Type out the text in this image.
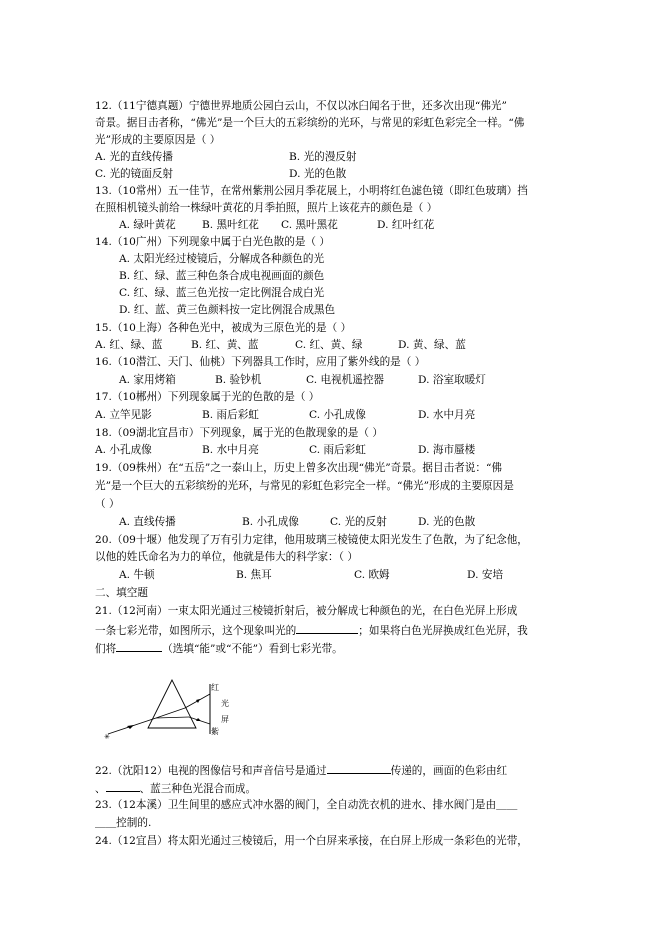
12.（11宁德真题）宁德世界地质公园白云山，不仅以冰臼闻名于世，还多次出现“佛光”
奇景。据目击者称，“佛光”是一个巨大的五彩缤纷的光环，与常见的彩虹色彩完全一样。“佛
光”形成的主要原因是（ ）
A. 光的直线传播	B. 光的漫反射
C. 光的镜面反射	D. 光的色散
13.（10常州）五一佳节，在常州紫荆公园月季花展上，小明将红色滤色镜（即红色玻璃）挡
在照相机镜头前给一株绿叶黄花的月季拍照，照片上该花卉的颜色是（ ）
A. 绿叶黄花 B. 黑叶红花 C. 黑叶黑花	D. 红叶红花
14.（10广州）下列现象中属于白光色散的是（ ）
A. 太阳光经过棱镜后，分解成各种颜色的光
B. 红、绿、蓝三种色条合成电视画面的颜色
C. 红、绿、蓝三色光按一定比例混合成白光
D. 红、蓝、黄三色颜料按一定比例混合成黑色
15.（10上海）各种色光中，被成为三原色光的是（ ）
A. 红、绿、蓝	B. 红、黄、蓝	C. 红、黄、绿	D. 黄、绿、蓝
16.（10潜江、天门、仙桃）下列器具工作时，应用了紫外线的是（ ）
A. 家用烤箱	B. 验钞机	C. 电视机遥控器	D. 浴室取暖灯
17.（10郴州）下列现象属于光的色散的是（ ）
A. 立竿见影	B. 雨后彩虹	C. 小孔成像	D. 水中月亮
18.（09湖北宜昌市）下列现象，属于光的色散现象的是（ ）
A. 小孔成像	B. 水中月亮	C. 雨后彩虹	D. 海市蜃楼
19.（09株州）在“五岳”之一泰山上，历史上曾多次出现“佛光”奇景。据目击者说：“佛
光”是一个巨大的五彩缤纷的光环，与常见的彩虹色彩完全一样。“佛光”形成的主要原因是
（ ）
A. 直线传播	B. 小孔成像	C. 光的反射	D. 光的色散
20.（09十堰）他发现了万有引力定律，他用玻璃三棱镜使太阳光发生了色散，为了纪念他，
以他的姓氏命名为力的单位，他就是伟大的科学家：（ ）
A. 牛顿	B. 焦耳	C. 欧姆	D. 安培
二、填空题
21.（12河南）一束太阳光通过三棱镜折射后，被分解成七种颜色的光，在白色光屏上形成
一条七彩光带，如图所示，这个现象叫光的	；如果将白色光屏换成红色光屏，我
们将	（选填“能”或“不能”）看到七彩光带。
✳
红
光
屏
紫
22.（沈阳12）电视的图像信号和声音信号是通过	传递的，画面的色彩由红
、	、蓝三种色光混合而成。
23.（12本溪）卫生间里的感应式冲水器的阀门，全自动洗衣机的进水、排水阀门是由＿＿
＿＿控制的.
24.（12宜昌）将太阳光通过三棱镜后，用一个白屏来承接，在白屏上形成一条彩色的光带，
